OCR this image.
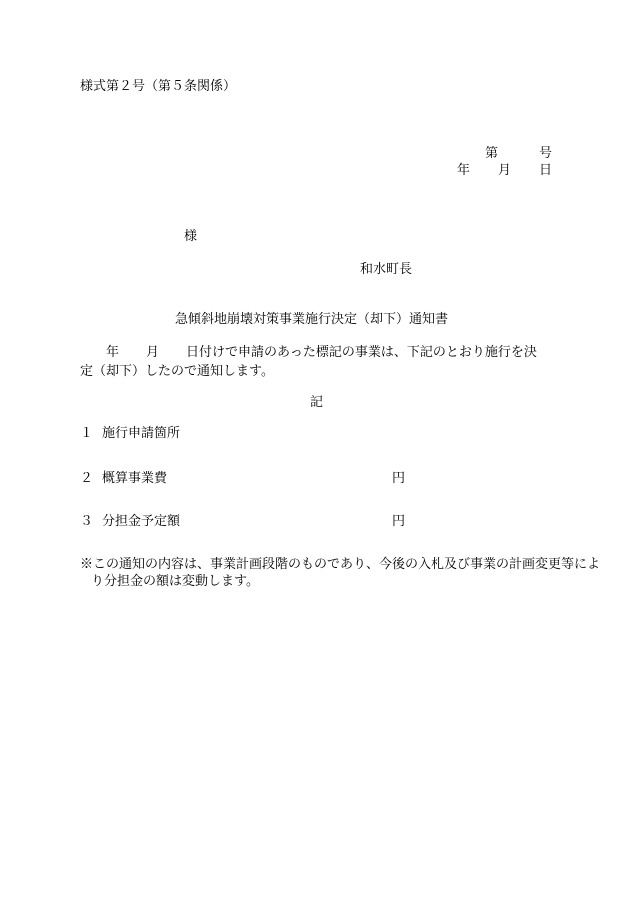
様式第２号（第５条関係）
第	号
年 月 日
様
和水町長
急傾斜地崩壊対策事業施行決定（却下）通知書
年 月 日付けで申請のあった標記の事業は、下記のとおり施行を決
定（却下）したので通知します。
記
１ 施行申請箇所
２ 概算事業費	円
３ 分担金予定額	円
※この通知の内容は、事業計画段階のものであり、今後の入札及び事業の計画変更等によ
り分担金の額は変動します。
